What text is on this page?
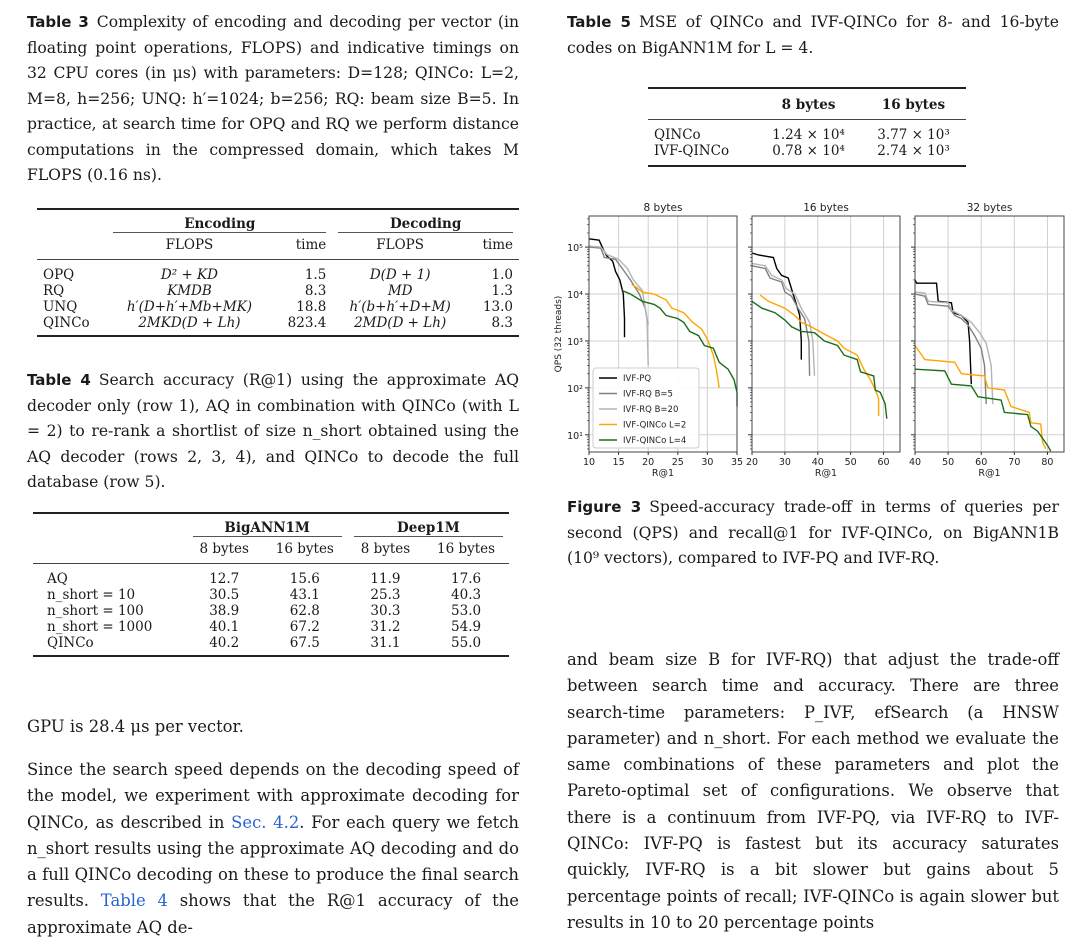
Table 3 Complexity of encoding and decoding per vector (in floating point operations, FLOPS) and indicative timings on 32 CPU cores (in μs) with parameters: D=128; QINCo: L=2, M=8, h=256; UNQ: h′=1024; b=256; RQ: beam size B=5. In practice, at search time for OPQ and RQ we perform distance computations in the compressed domain, which takes M FLOPS (0.16 ns).

	Encoding		Decoding	

	FLOPS	time	FLOPS	time
OPQ	D² + KD	1.5	D(D + 1)	1.0
RQ	KMDB	8.3	MD	1.3
UNQ	h′(D+h′+Mb+MK)	18.8	h′(b+h′+D+M)	13.0
QINCo	2MKD(D + Lh)	823.4	2MD(D + Lh)	8.3

Table 4 Search accuracy (R@1) using the approximate AQ decoder only (row 1), AQ in combination with QINCo (with L = 2) to re-rank a shortlist of size n_short obtained using the AQ decoder (rows 2, 3, 4), and QINCo to decode the full database (row 5).

	BigANN1M		Deep1M	

	8 bytes	16 bytes	8 bytes	16 bytes
AQ	12.7	15.6	11.9	17.6
n_short = 10	30.5	43.1	25.3	40.3
n_short = 100	38.9	62.8	30.3	53.0
n_short = 1000	40.1	67.2	31.2	54.9
QINCo	40.2	67.5	31.1	55.0

GPU is 28.4 μs per vector.

Since the search speed depends on the decoding speed of the model, we experiment with approximate decoding for QINCo, as described in Sec. 4.2. For each query we fetch n_short results using the approximate AQ decoding and do a full QINCo decoding on these to produce the final search results. Table 4 shows that the R@1 accuracy of the approximate AQ de-

Table 5 MSE of QINCo and IVF-QINCo for 8- and 16-byte codes on BigANN1M for L = 4.

	8 bytes	16 bytes
QINCo	1.24 × 10⁴	3.77 × 10³
IVF-QINCo	0.78 × 10⁴	2.74 × 10³

Figure 3 Speed-accuracy trade-off in terms of queries per second (QPS) and recall@1 for IVF-QINCo, on BigANN1B (10⁹ vectors), compared to IVF-PQ and IVF-RQ.

and beam size B for IVF-RQ) that adjust the trade-off between search time and accuracy. There are three search-time parameters: P_IVF, efSearch (a HNSW parameter) and n_short. For each method we evaluate the same combinations of these parameters and plot the Pareto-optimal set of configurations. We observe that there is a continuum from IVF-PQ, via IVF-RQ to IVF-QINCo: IVF-PQ is fastest but its accuracy saturates quickly, IVF-RQ is a bit slower but gains about 5 percentage points of recall; IVF-QINCo is again slower but results in 10 to 20 percentage points

10 15 20 25 30 35
R@1
8 bytes
10¹
10²
10³
10⁴
10⁵
20 30 40 50 60
R@1
16 bytes
40 50 60 70 80
R@1
32 bytes
QPS (32 threads)
IVF-PQ
IVF-RQ B=5
IVF-RQ B=20
IVF-QINCo L=2
IVF-QINCo L=4
